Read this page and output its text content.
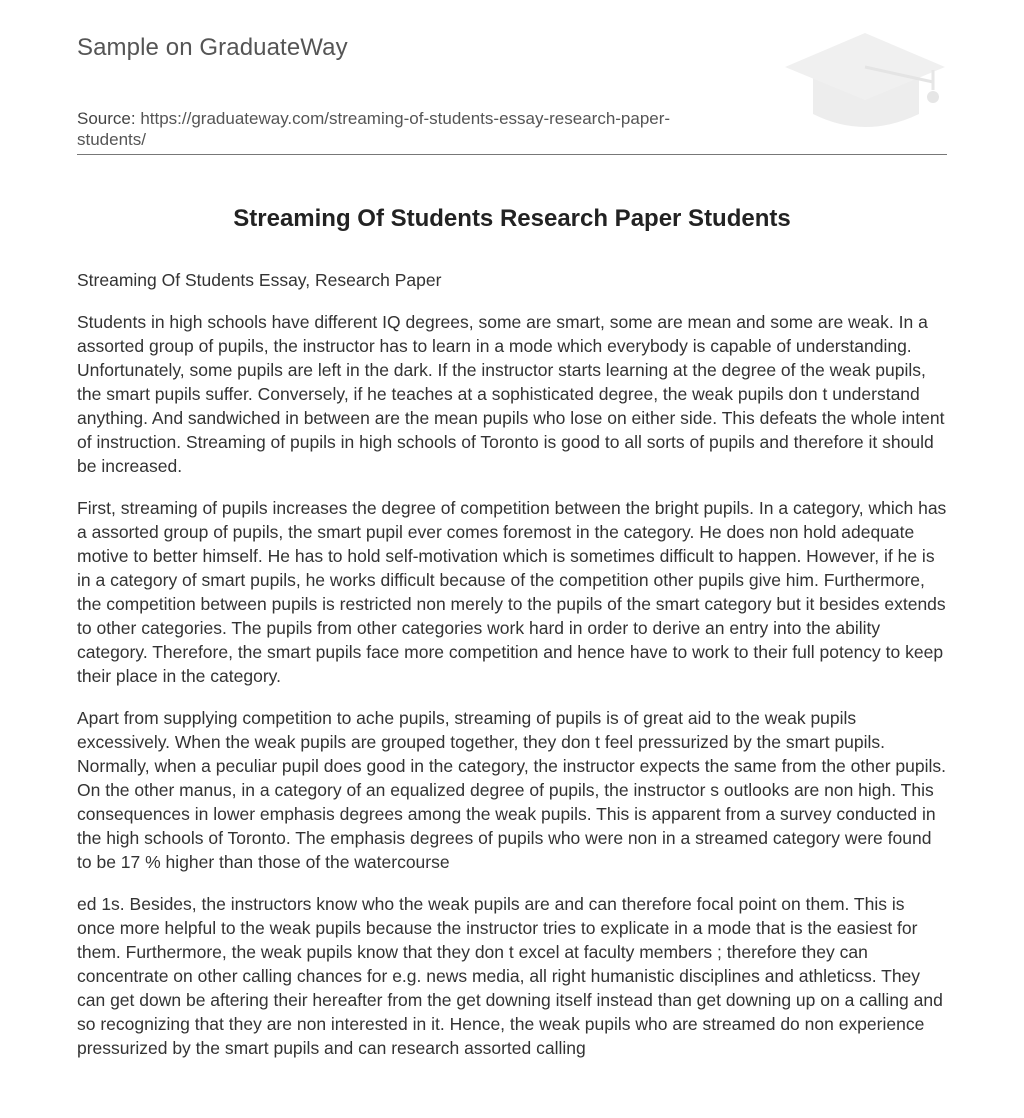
Sample on GraduateWay
Source: https://graduateway.com/streaming-of-students-essay-research-paper-students/
Streaming Of Students Research Paper Students

Streaming Of Students Essay, Research Paper

Students in high schools have different IQ degrees, some are smart, some are mean and some are weak. In a assorted group of pupils, the instructor has to learn in a mode which everybody is capable of understanding. Unfortunately, some pupils are left in the dark. If the instructor starts learning at the degree of the weak pupils, the smart pupils suffer. Conversely, if he teaches at a sophisticated degree, the weak pupils don t understand anything. And sandwiched in between are the mean pupils who lose on either side. This defeats the whole intent of instruction. Streaming of pupils in high schools of Toronto is good to all sorts of pupils and therefore it should be increased.

First, streaming of pupils increases the degree of competition between the bright pupils. In a category, which has a assorted group of pupils, the smart pupil ever comes foremost in the category. He does non hold adequate motive to better himself. He has to hold self-motivation which is sometimes difficult to happen. However, if he is in a category of smart pupils, he works difficult because of the competition other pupils give him. Furthermore, the competition between pupils is restricted non merely to the pupils of the smart category but it besides extends to other categories. The pupils from other categories work hard in order to derive an entry into the ability category. Therefore, the smart pupils face more competition and hence have to work to their full potency to keep their place in the category.

Apart from supplying competition to ache pupils, streaming of pupils is of great aid to the weak pupils excessively. When the weak pupils are grouped together, they don t feel pressurized by the smart pupils. Normally, when a peculiar pupil does good in the category, the instructor expects the same from the other pupils. On the other manus, in a category of an equalized degree of pupils, the instructor s outlooks are non high. This consequences in lower emphasis degrees among the weak pupils. This is apparent from a survey conducted in the high schools of Toronto. The emphasis degrees of pupils who were non in a streamed category were found to be 17 % higher than those of the watercourse

ed 1s. Besides, the instructors know who the weak pupils are and can therefore focal point on them. This is once more helpful to the weak pupils because the instructor tries to explicate in a mode that is the easiest for them. Furthermore, the weak pupils know that they don t excel at faculty members ; therefore they can concentrate on other calling chances for e.g. news media, all right humanistic disciplines and athleticss. They can get down be aftering their hereafter from the get downing itself instead than get downing up on a calling and so recognizing that they are non interested in it. Hence, the weak pupils who are streamed do non experience pressurized by the smart pupils and can research assorted calling
